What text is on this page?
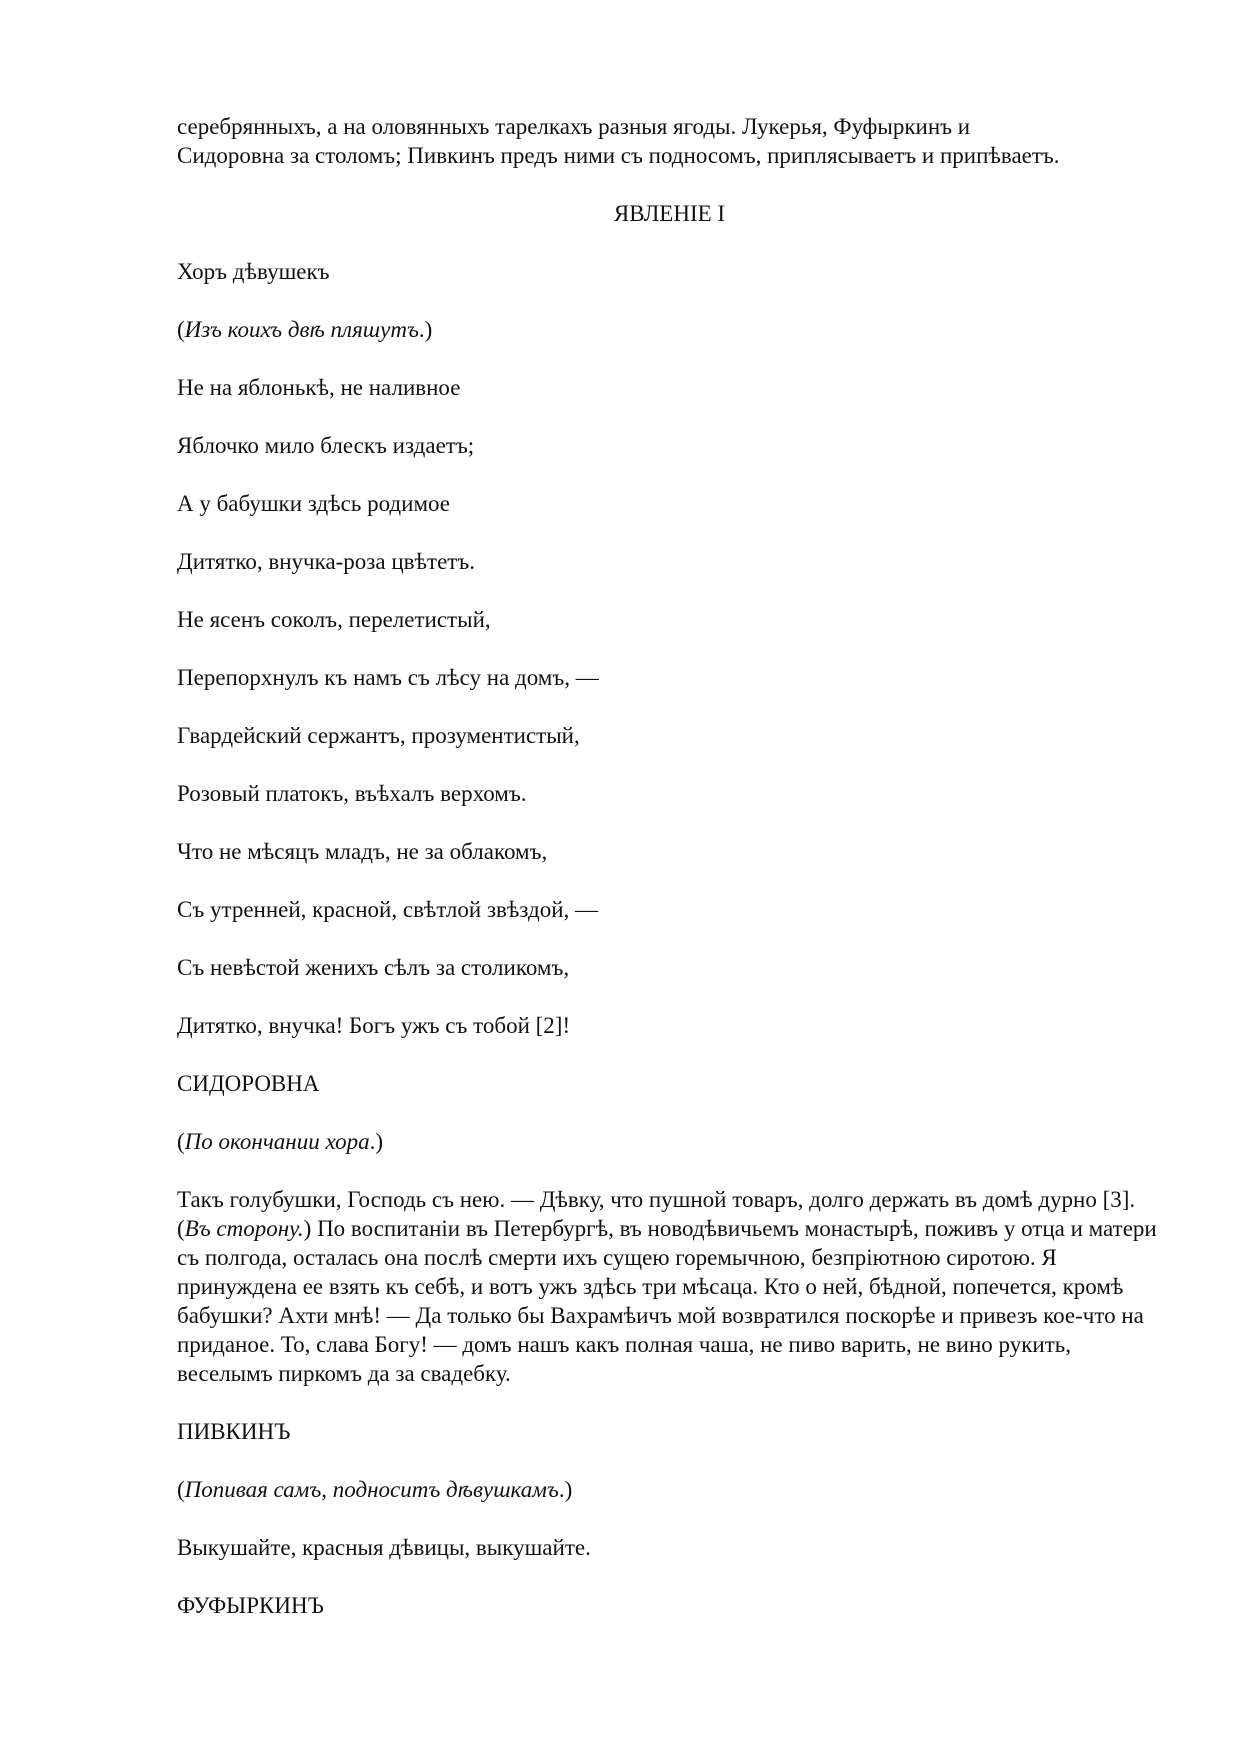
серебрянныхъ, а на оловянныхъ тарелкахъ разныя ягоды. Лукерья, Фуфыркинъ и
Сидоровна за столомъ; Пивкинъ предъ ними съ подносомъ, приплясываетъ и припѣваетъ.
ЯВЛЕНІЕ I
Хоръ дѣвушекъ
(Изъ коихъ двѣ пляшутъ.)
Не на яблонькѣ, не наливное
Яблочко мило блескъ издаетъ;
А у бабушки здѣсь родимое
Дитятко, внучка-роза цвѣтетъ.
Не ясенъ соколъ, перелетистый,
Перепорхнулъ къ намъ съ лѣсу на домъ, —
Гвардейский сержантъ, прозументистый,
Розовый платокъ, въѣхалъ верхомъ.
Что не мѣсяцъ младъ, не за облакомъ,
Съ утренней, красной, свѣтлой звѣздой, —
Съ невѣстой женихъ сѣлъ за столикомъ,
Дитятко, внучка! Богъ ужъ съ тобой [2]!
СИДОРОВНА
(По окончании хора.)
Такъ голубушки, Господь съ нею. — Дѣвку, что пушной товаръ, долго держать въ домѣ дурно [3]. (Въ сторону.) По воспитаніи въ Петербургѣ, въ новодѣвичьемъ монастырѣ, поживъ у отца и матери съ полгода, осталась она послѣ смерти ихъ сущею горемычною, безпріютною сиротою. Я принуждена ее взять къ себѣ, и вотъ ужъ здѣсь три мѣсаца. Кто о ней, бѣдной, попечется, кромѣ бабушки? Ахти мнѣ! — Да только бы Вахрамѣичъ мой возвратился поскорѣе и привезъ кое-что на приданое. То, слава Богу! — домъ нашъ какъ полная чаша, не пиво варить, не вино рукить, веселымъ пиркомъ да за свадебку.
ПИВКИНЪ
(Попивая самъ, подноситъ дѣвушкамъ.)
Выкушайте, красныя дѣвицы, выкушайте.
ФУФЫРКИНЪ
